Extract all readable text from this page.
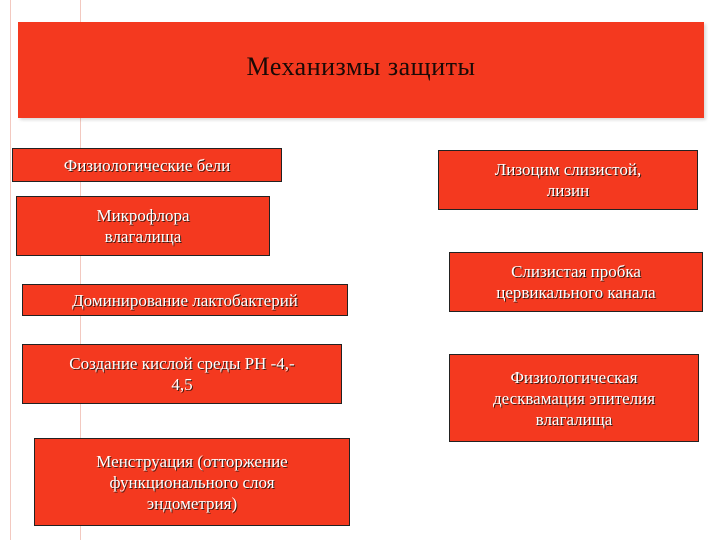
Механизмы защиты
Физиологические бели
Микрофлора
влагалища
Доминирование лактобактерий
Создание кислой среды РН -4,-
4,5
Менструация (отторжение
функционального слоя
эндометрия)
Лизоцим слизистой,
лизин
Слизистая пробка
цервикального канала
Физиологическая
десквамация эпителия
влагалища
